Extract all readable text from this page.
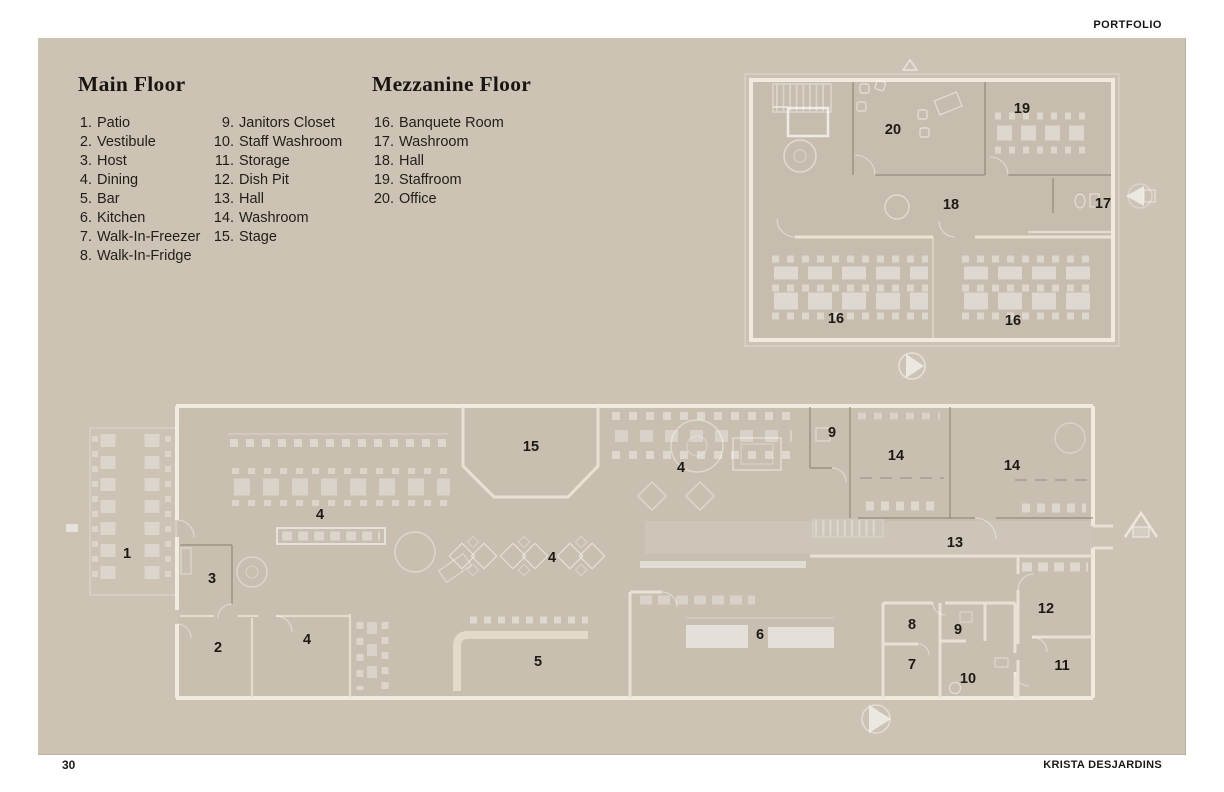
PORTFOLIO
Main Floor	Mezzanine Floor
1. Patio
2. Vestibule
3. Host
4. Dining
5. Bar
6. Kitchen
7. Walk-In-Freezer
8. Walk-In-Fridge
9. Janitors Closet
10. Staff Washroom
11. Storage
12. Dish Pit
13. Hall
14. Washroom
15. Stage
16. Banquete Room
17. Washroom
18. Hall
19. Staffroom
20. Office
16	16
17
18
19
20
1
2
3
4
4
4
4
5
6
7
8
9
9
10
11
12
13
14
14
15
30	KRISTA DESJARDINS
